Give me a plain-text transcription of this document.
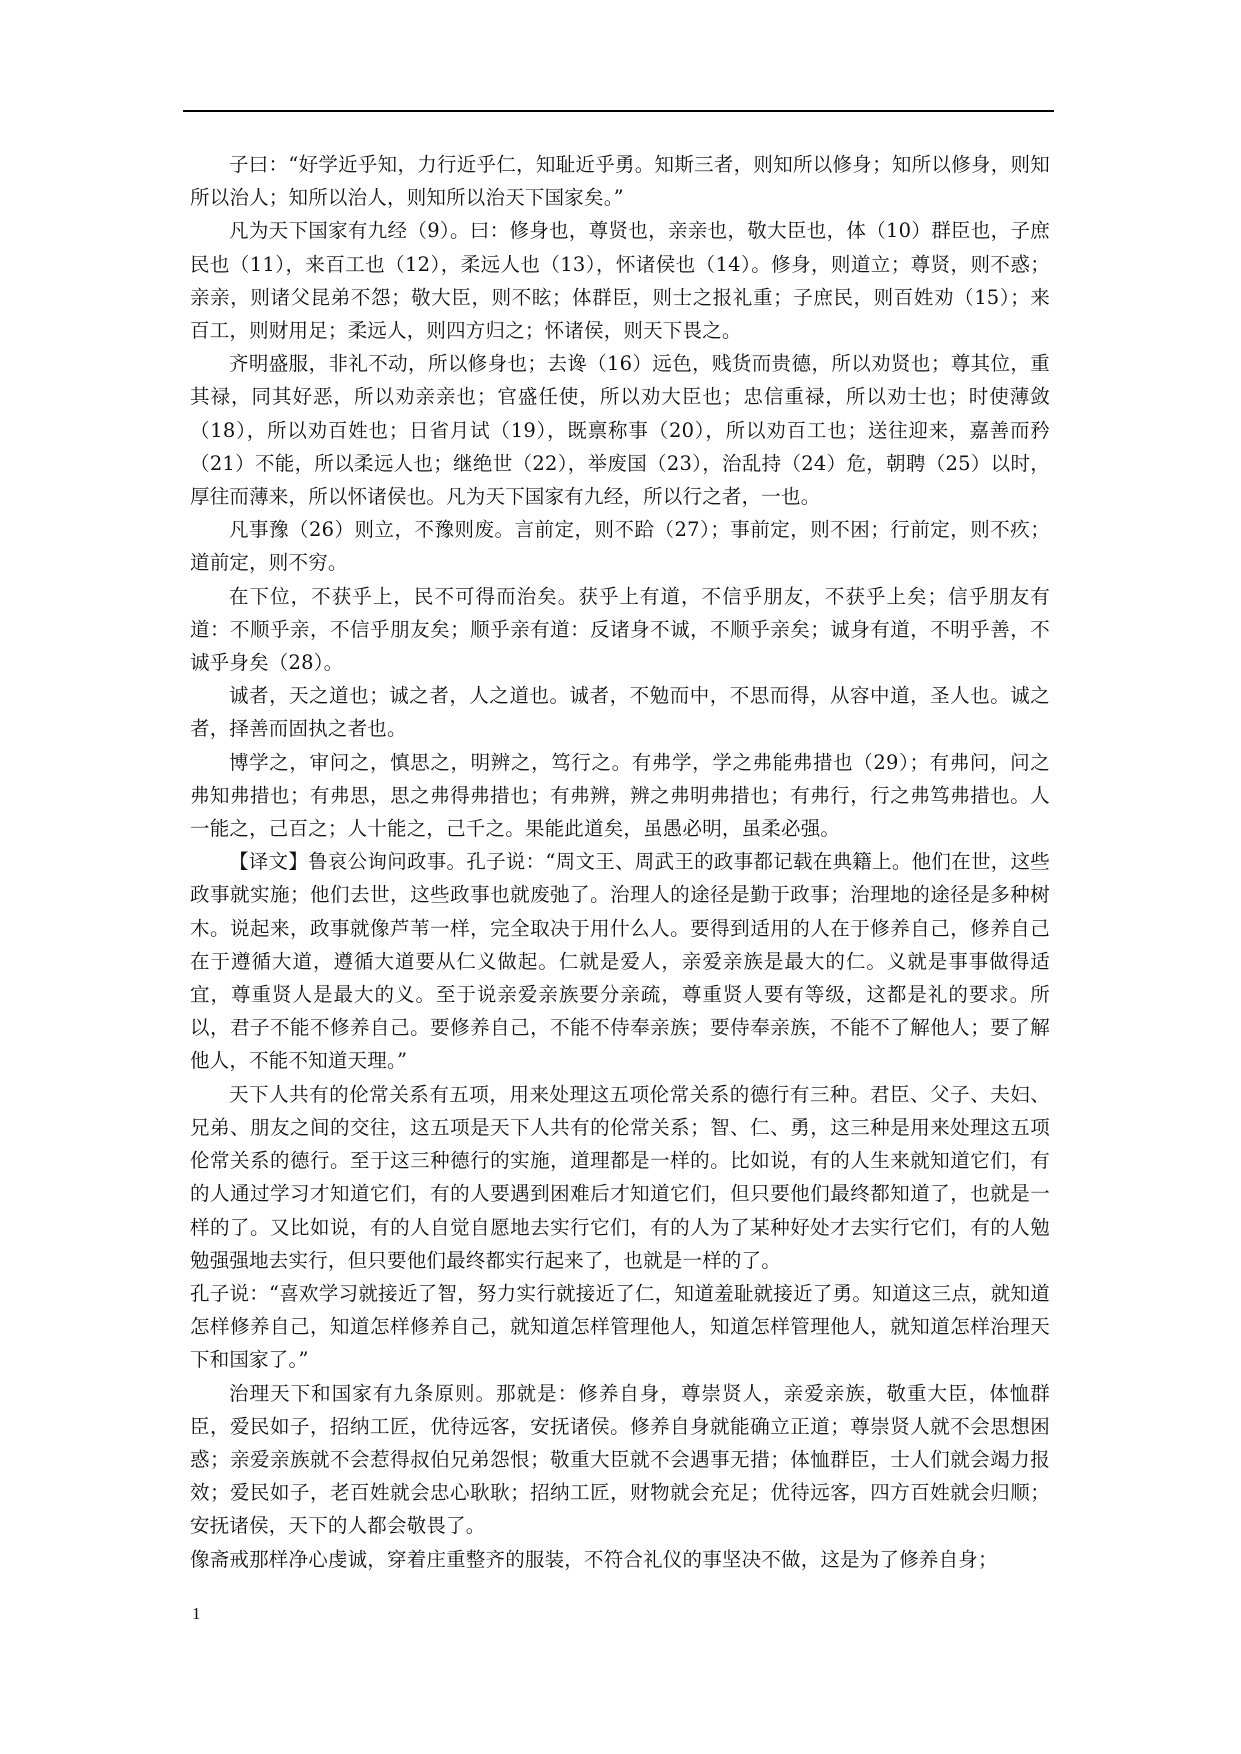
子曰：“好学近乎知，力行近乎仁，知耻近乎勇。知斯三者，则知所以修身；知所以修身，则知所以治人；知所以治人，则知所以治天下国家矣。”

凡为天下国家有九经（9）。曰：修身也，尊贤也，亲亲也，敬大臣也，体（10）群臣也，子庶民也（11），来百工也（12），柔远人也（13），怀诸侯也（14）。修身，则道立；尊贤，则不惑；亲亲，则诸父昆弟不怨；敬大臣，则不眩；体群臣，则士之报礼重；子庶民，则百姓劝（15）；来百工，则财用足；柔远人，则四方归之；怀诸侯，则天下畏之。

齐明盛服，非礼不动，所以修身也；去谗（16）远色，贱货而贵德，所以劝贤也；尊其位，重其禄，同其好恶，所以劝亲亲也；官盛任使，所以劝大臣也；忠信重禄，所以劝士也；时使薄敛（18），所以劝百姓也；日省月试（19），既禀称事（20），所以劝百工也；送往迎来，嘉善而矜（21）不能，所以柔远人也；继绝世（22），举废国（23），治乱持（24）危，朝聘（25）以时，厚往而薄来，所以怀诸侯也。凡为天下国家有九经，所以行之者，一也。

凡事豫（26）则立，不豫则废。言前定，则不跲（27）；事前定，则不困；行前定，则不疚；道前定，则不穷。

在下位，不获乎上，民不可得而治矣。获乎上有道，不信乎朋友，不获乎上矣；信乎朋友有道：不顺乎亲，不信乎朋友矣；顺乎亲有道：反诸身不诚，不顺乎亲矣；诚身有道，不明乎善，不诚乎身矣（28）。

诚者，天之道也；诚之者，人之道也。诚者，不勉而中，不思而得，从容中道，圣人也。诚之者，择善而固执之者也。

博学之，审问之，慎思之，明辨之，笃行之。有弗学，学之弗能弗措也（29）；有弗问，问之弗知弗措也；有弗思，思之弗得弗措也；有弗辨，辨之弗明弗措也；有弗行，行之弗笃弗措也。人一能之，己百之；人十能之，己千之。果能此道矣，虽愚必明，虽柔必强。

【译文】鲁哀公询问政事。孔子说：“周文王、周武王的政事都记载在典籍上。他们在世，这些政事就实施；他们去世，这些政事也就废弛了。治理人的途径是勤于政事；治理地的途径是多种树木。说起来，政事就像芦苇一样，完全取决于用什么人。要得到适用的人在于修养自己，修养自己在于遵循大道，遵循大道要从仁义做起。仁就是爱人，亲爱亲族是最大的仁。义就是事事做得适宜，尊重贤人是最大的义。至于说亲爱亲族要分亲疏，尊重贤人要有等级，这都是礼的要求。所以，君子不能不修养自己。要修养自己，不能不侍奉亲族；要侍奉亲族，不能不了解他人；要了解他人，不能不知道天理。”

天下人共有的伦常关系有五项，用来处理这五项伦常关系的德行有三种。君臣、父子、夫妇、兄弟、朋友之间的交往，这五项是天下人共有的伦常关系；智、仁、勇，这三种是用来处理这五项伦常关系的德行。至于这三种德行的实施，道理都是一样的。比如说，有的人生来就知道它们，有的人通过学习才知道它们，有的人要遇到困难后才知道它们，但只要他们最终都知道了，也就是一样的了。又比如说，有的人自觉自愿地去实行它们，有的人为了某种好处才去实行它们，有的人勉勉强强地去实行，但只要他们最终都实行起来了，也就是一样的了。

孔子说：“喜欢学习就接近了智，努力实行就接近了仁，知道羞耻就接近了勇。知道这三点，就知道怎样修养自己，知道怎样修养自己，就知道怎样管理他人，知道怎样管理他人，就知道怎样治理天下和国家了。”

治理天下和国家有九条原则。那就是：修养自身，尊崇贤人，亲爱亲族，敬重大臣，体恤群臣，爱民如子，招纳工匠，优待远客，安抚诸侯。修养自身就能确立正道；尊崇贤人就不会思想困惑；亲爱亲族就不会惹得叔伯兄弟怨恨；敬重大臣就不会遇事无措；体恤群臣，士人们就会竭力报效；爱民如子，老百姓就会忠心耿耿；招纳工匠，财物就会充足；优待远客，四方百姓就会归顺；安抚诸侯，天下的人都会敬畏了。

像斋戒那样净心虔诚，穿着庄重整齐的服装，不符合礼仪的事坚决不做，这是为了修养自身；

1
